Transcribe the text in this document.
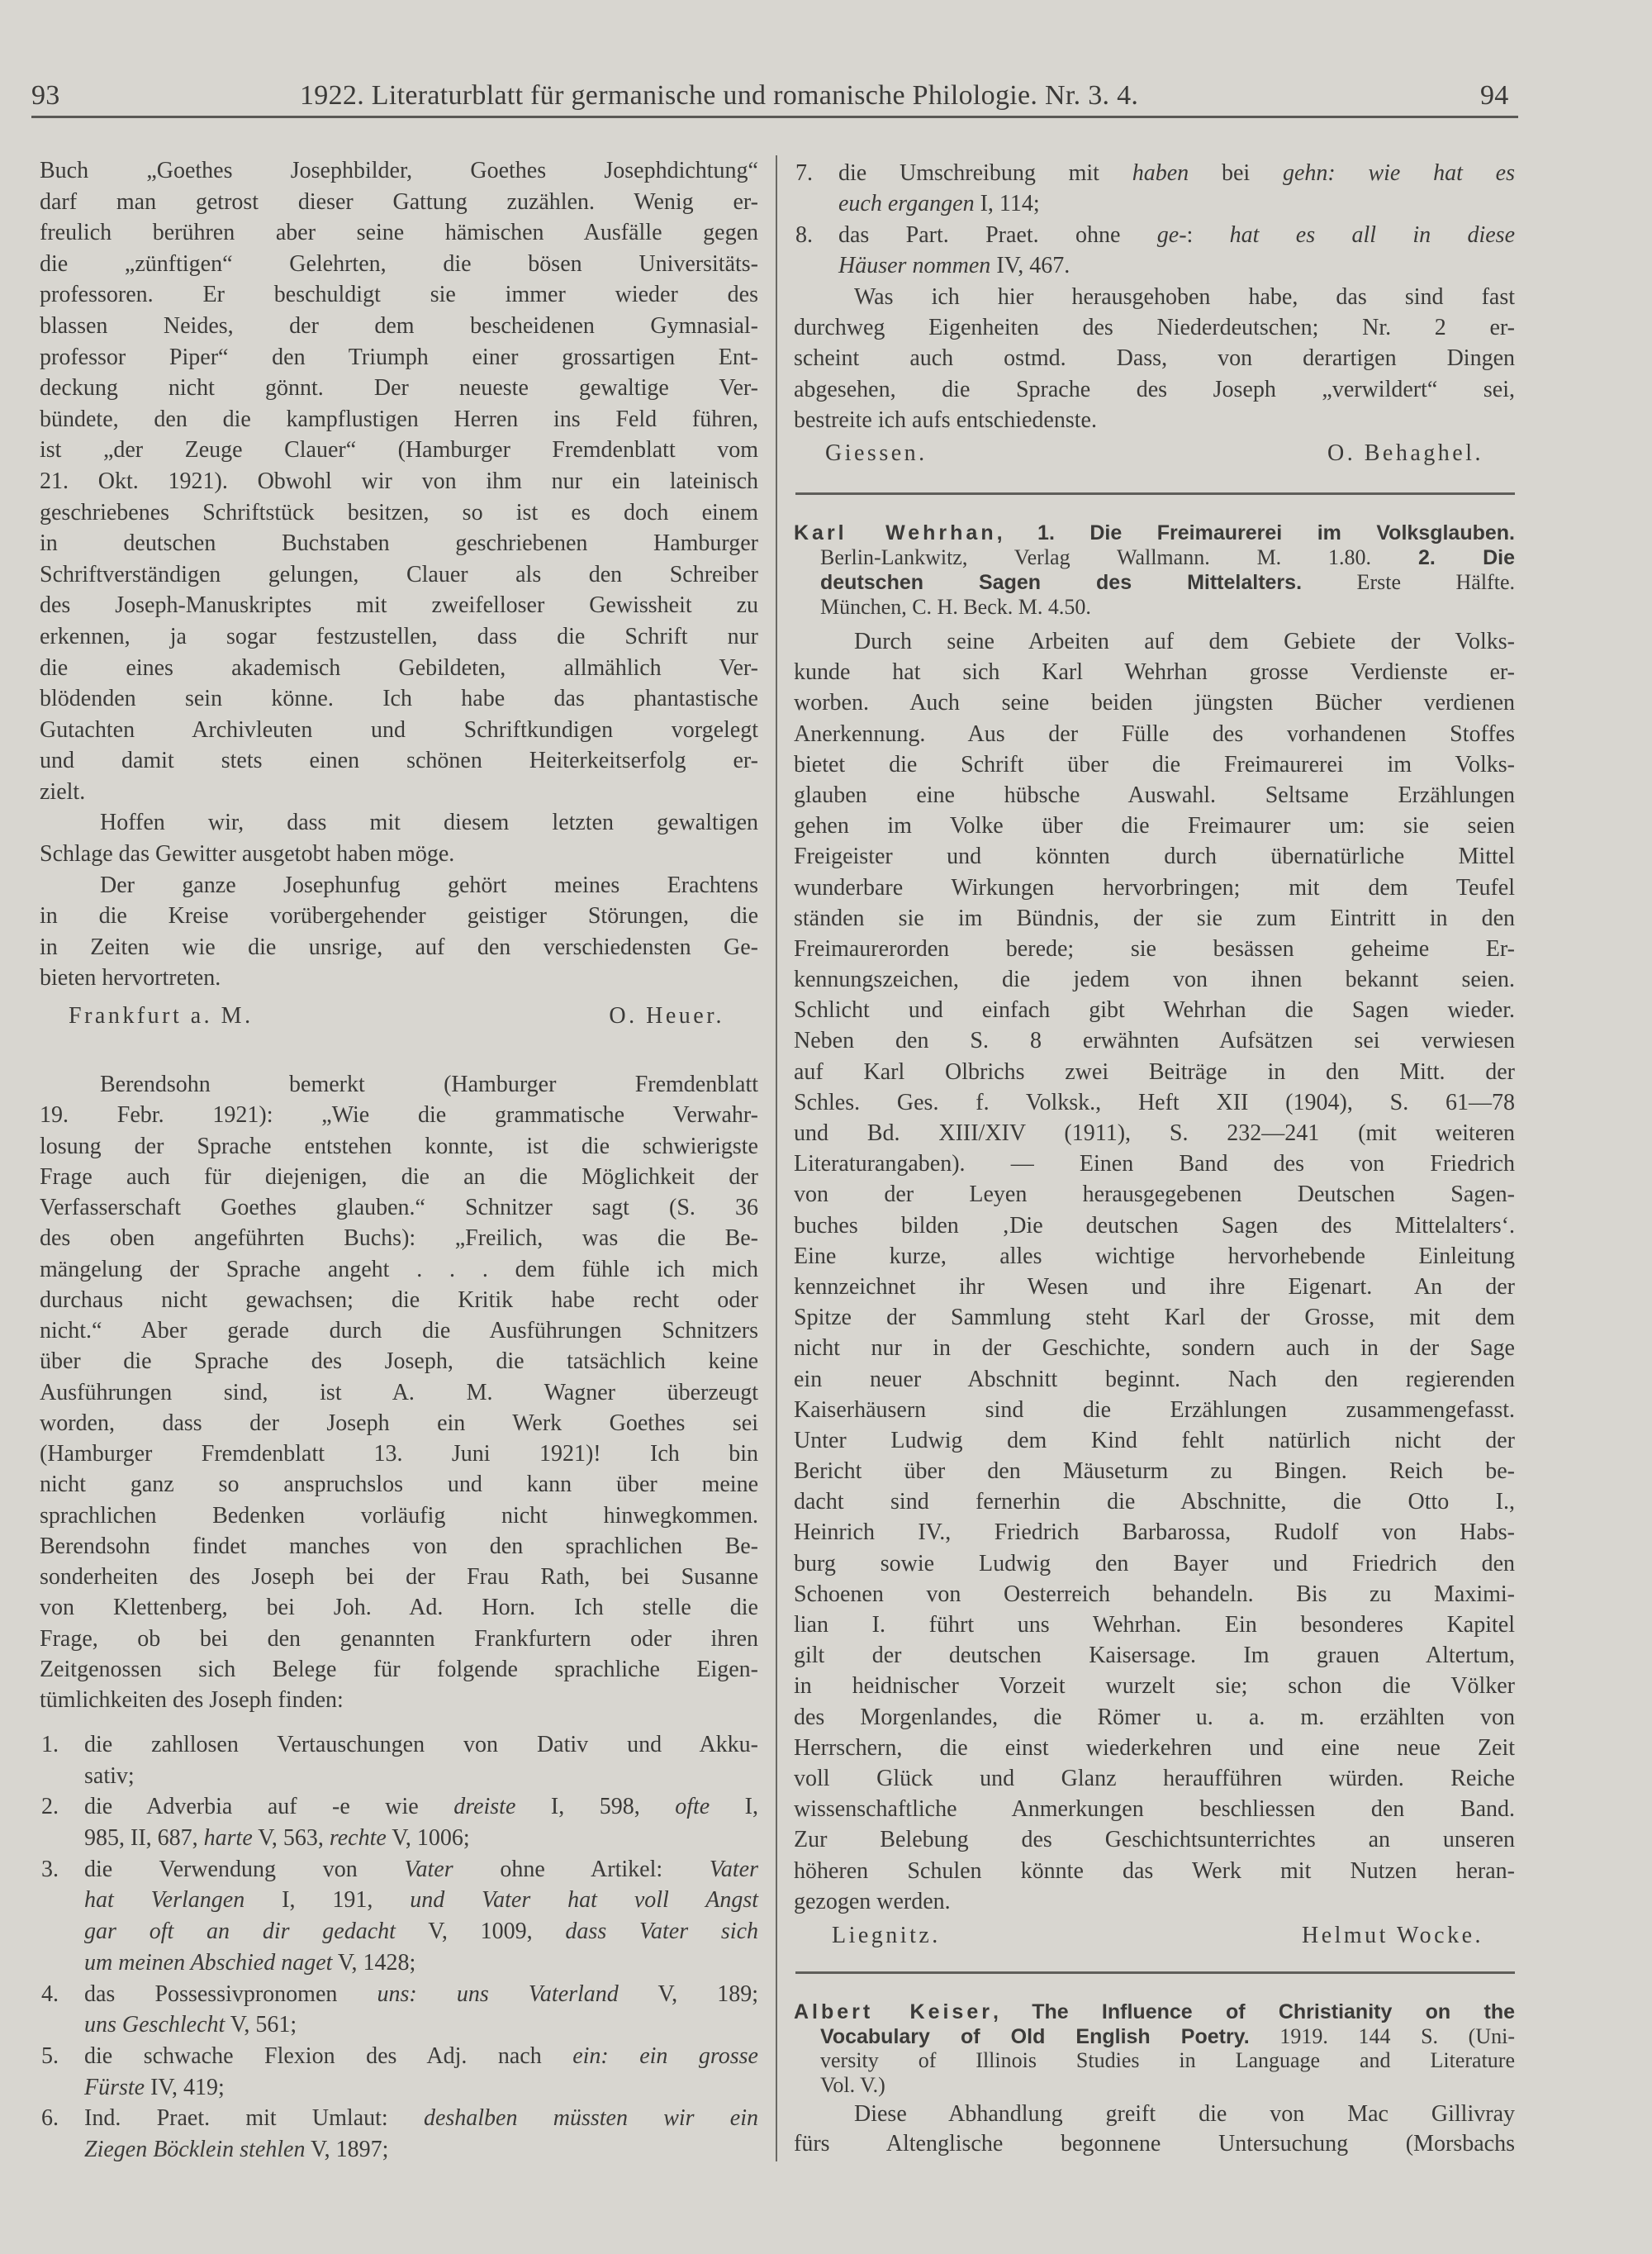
93	1922. Literaturblatt für germanische und romanische Philologie. Nr. 3. 4.	94
Buch „Goethes Josephbilder, Goethes Josephdichtung“
darf man getrost dieser Gattung zuzählen. Wenig er-
freulich berühren aber seine hämischen Ausfälle gegen
die „zünftigen“ Gelehrten, die bösen Universitäts-
professoren. Er beschuldigt sie immer wieder des
blassen Neides, der dem bescheidenen Gymnasial-
professor Piper“ den Triumph einer grossartigen Ent-
deckung nicht gönnt. Der neueste gewaltige Ver-
bündete, den die kampflustigen Herren ins Feld führen,
ist „der Zeuge Clauer“ (Hamburger Fremdenblatt vom
21. Okt. 1921). Obwohl wir von ihm nur ein lateinisch
geschriebenes Schriftstück besitzen, so ist es doch einem
in deutschen Buchstaben geschriebenen Hamburger
Schriftverständigen gelungen, Clauer als den Schreiber
des Joseph-Manuskriptes mit zweifelloser Gewissheit zu
erkennen, ja sogar festzustellen, dass die Schrift nur
die eines akademisch Gebildeten, allmählich Ver-
blödenden sein könne. Ich habe das phantastische
Gutachten Archivleuten und Schriftkundigen vorgelegt
und damit stets einen schönen Heiterkeitserfolg er-
zielt.
Hoffen wir, dass mit diesem letzten gewaltigen
Schlage das Gewitter ausgetobt haben möge.
Der ganze Josephunfug gehört meines Erachtens
in die Kreise vorübergehender geistiger Störungen, die
in Zeiten wie die unsrige, auf den verschiedensten Ge-
bieten hervortreten.
Frankfurt a. M.	O. Heuer.
Berendsohn bemerkt (Hamburger Fremdenblatt
19. Febr. 1921): „Wie die grammatische Verwahr-
losung der Sprache entstehen konnte, ist die schwierigste
Frage auch für diejenigen, die an die Möglichkeit der
Verfasserschaft Goethes glauben.“ Schnitzer sagt (S. 36
des oben angeführten Buchs): „Freilich, was die Be-
mängelung der Sprache angeht . . . dem fühle ich mich
durchaus nicht gewachsen; die Kritik habe recht oder
nicht.“ Aber gerade durch die Ausführungen Schnitzers
über die Sprache des Joseph, die tatsächlich keine
Ausführungen sind, ist A. M. Wagner überzeugt
worden, dass der Joseph ein Werk Goethes sei
(Hamburger Fremdenblatt 13. Juni 1921)! Ich bin
nicht ganz so anspruchslos und kann über meine
sprachlichen Bedenken vorläufig nicht hinwegkommen.
Berendsohn findet manches von den sprachlichen Be-
sonderheiten des Joseph bei der Frau Rath, bei Susanne
von Klettenberg, bei Joh. Ad. Horn. Ich stelle die
Frage, ob bei den genannten Frankfurtern oder ihren
Zeitgenossen sich Belege für folgende sprachliche Eigen-
tümlichkeiten des Joseph finden:
1.	die zahllosen Vertauschungen von Dativ und Akku-
sativ;
2.	die Adverbia auf -e wie dreiste I, 598, ofte I,
985, II, 687, harte V, 563, rechte V, 1006;
3.	die Verwendung von Vater ohne Artikel: Vater
hat Verlangen I, 191, und Vater hat voll Angst
gar oft an dir gedacht V, 1009, dass Vater sich
um meinen Abschied naget V, 1428;
4.	das Possessivpronomen uns: uns Vaterland V, 189;
uns Geschlecht V, 561;
5.	die schwache Flexion des Adj. nach ein: ein grosse
Fürste IV, 419;
6.	Ind. Praet. mit Umlaut: deshalben müssten wir ein
Ziegen Böcklein stehlen V, 1897;
7.	die Umschreibung mit haben bei gehn: wie hat es
euch ergangen I, 114;
8.	das Part. Praet. ohne ge-: hat es all in diese
Häuser nommen IV, 467.
Was ich hier herausgehoben habe, das sind fast
durchweg Eigenheiten des Niederdeutschen; Nr. 2 er-
scheint auch ostmd. Dass, von derartigen Dingen
abgesehen, die Sprache des Joseph „verwildert“ sei,
bestreite ich aufs entschiedenste.
Giessen.	O. Behaghel.
Karl Wehrhan, 1. Die Freimaurerei im Volksglauben.
Berlin-Lankwitz, Verlag Wallmann. M. 1.80. 2. Die
deutschen Sagen des Mittelalters. Erste Hälfte.
München, C. H. Beck. M. 4.50.
Durch seine Arbeiten auf dem Gebiete der Volks-
kunde hat sich Karl Wehrhan grosse Verdienste er-
worben. Auch seine beiden jüngsten Bücher verdienen
Anerkennung. Aus der Fülle des vorhandenen Stoffes
bietet die Schrift über die Freimaurerei im Volks-
glauben eine hübsche Auswahl. Seltsame Erzählungen
gehen im Volke über die Freimaurer um: sie seien
Freigeister und könnten durch übernatürliche Mittel
wunderbare Wirkungen hervorbringen; mit dem Teufel
ständen sie im Bündnis, der sie zum Eintritt in den
Freimaurerorden berede; sie besässen geheime Er-
kennungszeichen, die jedem von ihnen bekannt seien.
Schlicht und einfach gibt Wehrhan die Sagen wieder.
Neben den S. 8 erwähnten Aufsätzen sei verwiesen
auf Karl Olbrichs zwei Beiträge in den Mitt. der
Schles. Ges. f. Volksk., Heft XII (1904), S. 61—78
und Bd. XIII/XIV (1911), S. 232—241 (mit weiteren
Literaturangaben). — Einen Band des von Friedrich
von der Leyen herausgegebenen Deutschen Sagen-
buches bilden ‚Die deutschen Sagen des Mittelalters‘.
Eine kurze, alles wichtige hervorhebende Einleitung
kennzeichnet ihr Wesen und ihre Eigenart. An der
Spitze der Sammlung steht Karl der Grosse, mit dem
nicht nur in der Geschichte, sondern auch in der Sage
ein neuer Abschnitt beginnt. Nach den regierenden
Kaiserhäusern sind die Erzählungen zusammengefasst.
Unter Ludwig dem Kind fehlt natürlich nicht der
Bericht über den Mäuseturm zu Bingen. Reich be-
dacht sind fernerhin die Abschnitte, die Otto I.,
Heinrich IV., Friedrich Barbarossa, Rudolf von Habs-
burg sowie Ludwig den Bayer und Friedrich den
Schoenen von Oesterreich behandeln. Bis zu Maximi-
lian I. führt uns Wehrhan. Ein besonderes Kapitel
gilt der deutschen Kaisersage. Im grauen Altertum,
in heidnischer Vorzeit wurzelt sie; schon die Völker
des Morgenlandes, die Römer u. a. m. erzählten von
Herrschern, die einst wiederkehren und eine neue Zeit
voll Glück und Glanz heraufführen würden. Reiche
wissenschaftliche Anmerkungen beschliessen den Band.
Zur Belebung des Geschichtsunterrichtes an unseren
höheren Schulen könnte das Werk mit Nutzen heran-
gezogen werden.
Liegnitz.	Helmut Wocke.
Albert Keiser, The Influence of Christianity on the
Vocabulary of Old English Poetry. 1919. 144 S. (Uni-
versity of Illinois Studies in Language and Literature
Vol. V.)
Diese Abhandlung greift die von Mac Gillivray
fürs Altenglische begonnene Untersuchung (Morsbachs
